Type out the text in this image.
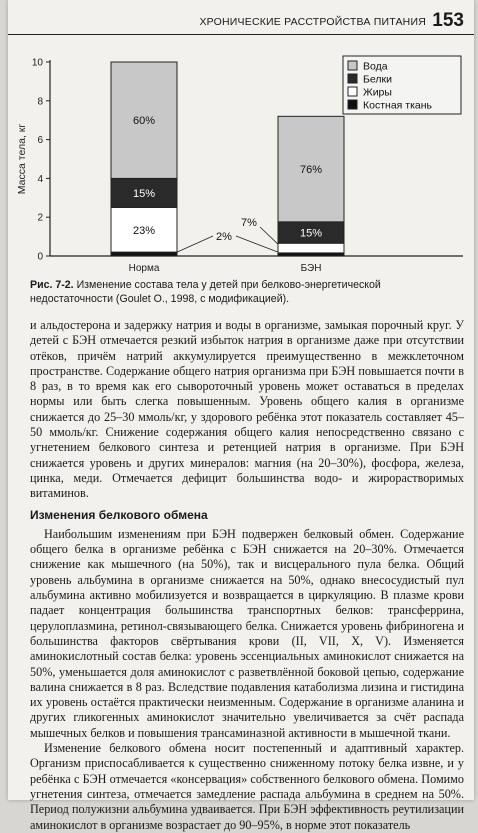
ХРОНИЧЕСКИЕ РАССТРОЙСТВА ПИТАНИЯ 153
0
2
4
6
8
10
Масса тела, кг
Норма	БЭН
60%
15%
23%
2%
76%
15%
7%
Вода
Белки
Жиры
Костная ткань
Рис. 7-2. Изменение состава тела у детей при белково-энергетической недостаточности (Goulet O., 1998, с модификацией).

и альдостерона и задержку натрия и воды в организме, замыкая порочный круг. У детей с БЭН отмечается резкий избыток натрия в организме даже при отсутствии отёков, причём натрий аккумулируется преимущественно в межклеточном пространстве. Содержание общего натрия организма при БЭН повышается почти в 8 раз, в то время как его сывороточный уровень может оставаться в пределах нормы или быть слегка повышенным. Уровень общего калия в организме снижается до 25–30 ммоль/кг, у здорового ребёнка этот показатель составляет 45–50 ммоль/кг. Снижение содержания общего калия непосредственно связано с угнетением белкового синтеза и ретенцией натрия в организме. При БЭН снижается уровень и других минералов: магния (на 20–30%), фосфора, железа, цинка, меди. Отмечается дефицит большинства водо- и жирорастворимых витаминов.

Изменения белкового обмена

Наибольшим изменениям при БЭН подвержен белковый обмен. Содержание общего белка в организме ребёнка с БЭН снижается на 20–30%. Отмечается снижение как мышечного (на 50%), так и висцерального пула белка. Общий уровень альбумина в организме снижается на 50%, однако внесосудистый пул альбумина активно мобилизуется и возвращается в циркуляцию. В плазме крови падает концентрация большинства транспортных белков: трансферрина, церулоплазмина, ретинол-связывающего белка. Снижается уровень фибриногена и большинства факторов свёртывания крови (II, VII, X, V). Изменяется аминокислотный состав белка: уровень эссенциальных аминокислот снижается на 50%, уменьшается доля аминокислот с разветвлённой боковой цепью, содержание валина снижается в 8 раз. Вследствие подавления катаболизма лизина и гистидина их уровень остаётся практически неизменным. Содержание в организме аланина и других гликогенных аминокислот значительно увеличивается за счёт распада мышечных белков и повышения трансаминазной активности в мышечной ткани.

Изменение белкового обмена носит постепенный и адаптивный характер. Организм приспосабливается к существенно сниженному потоку белка извне, и у ребёнка с БЭН отмечается «консервация» собственного белкового обмена. Помимо угнетения синтеза, отмечается замедление распада альбумина в среднем на 50%. Период полужизни альбумина удваивается. При БЭН эффективность реутилизации аминокислот в организме возрастает до 90–95%, в норме этот показатель
